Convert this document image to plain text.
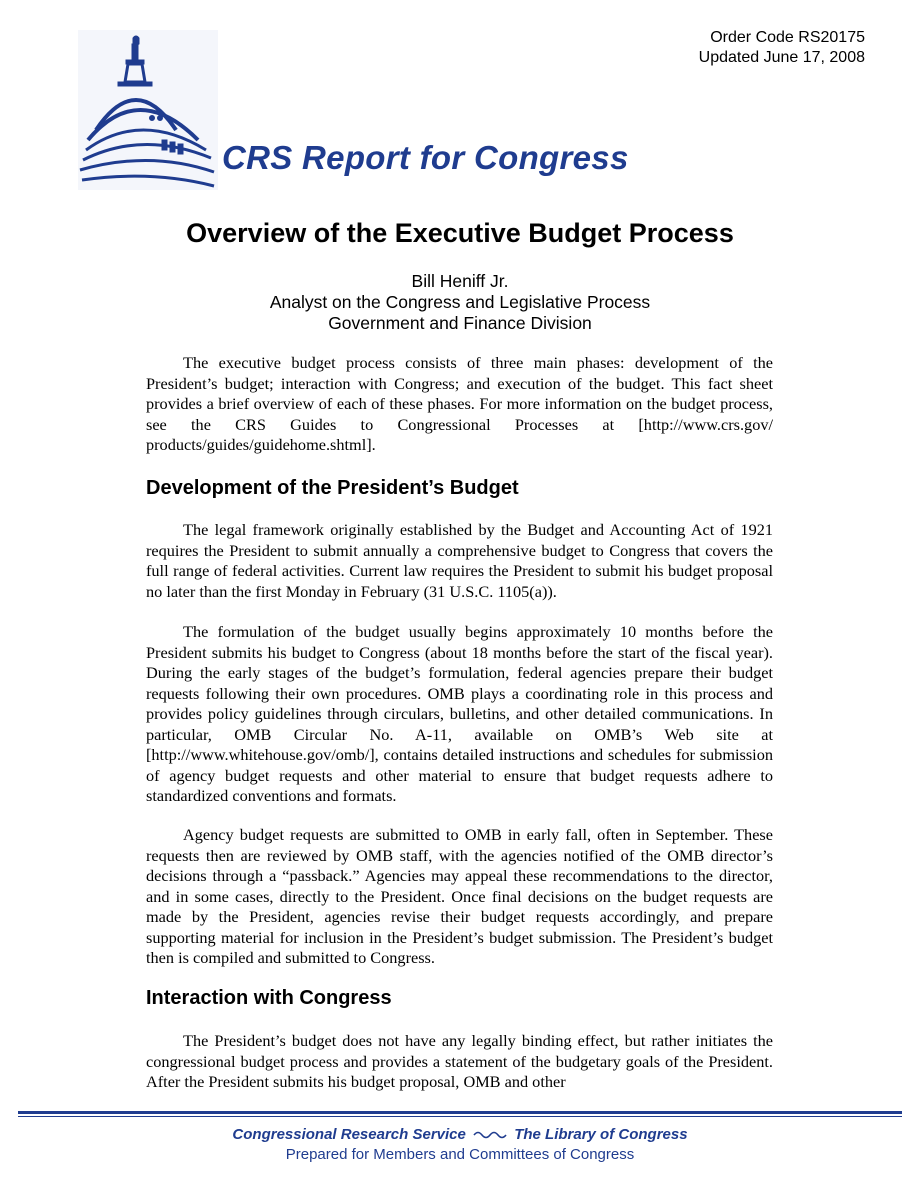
Order Code RS20175
Updated June 17, 2008
CRS Report for Congress
Overview of the Executive Budget Process
Bill Heniff Jr.
Analyst on the Congress and Legislative Process
Government and Finance Division

The executive budget process consists of three main phases: development of the President’s budget; interaction with Congress; and execution of the budget. This fact sheet provides a brief overview of each of these phases. For more information on the budget process, see the CRS Guides to Congressional Processes at [http://www.crs.gov/ products/guides/guidehome.shtml].

Development of the President’s Budget

The legal framework originally established by the Budget and Accounting Act of 1921 requires the President to submit annually a comprehensive budget to Congress that covers the full range of federal activities. Current law requires the President to submit his budget proposal no later than the first Monday in February (31 U.S.C. 1105(a)).

The formulation of the budget usually begins approximately 10 months before the President submits his budget to Congress (about 18 months before the start of the fiscal year). During the early stages of the budget’s formulation, federal agencies prepare their budget requests following their own procedures. OMB plays a coordinating role in this process and provides policy guidelines through circulars, bulletins, and other detailed communications. In particular, OMB Circular No. A-11, available on OMB’s Web site at [http://www.whitehouse.gov/omb/], contains detailed instructions and schedules for submission of agency budget requests and other material to ensure that budget requests adhere to standardized conventions and formats.

Agency budget requests are submitted to OMB in early fall, often in September. These requests then are reviewed by OMB staff, with the agencies notified of the OMB director’s decisions through a “passback.” Agencies may appeal these recommendations to the director, and in some cases, directly to the President. Once final decisions on the budget requests are made by the President, agencies revise their budget requests accordingly, and prepare supporting material for inclusion in the President’s budget submission. The President’s budget then is compiled and submitted to Congress.

Interaction with Congress

The President’s budget does not have any legally binding effect, but rather initiates the congressional budget process and provides a statement of the budgetary goals of the President. After the President submits his budget proposal, OMB and other

Congressional Research Service	The Library of Congress
Prepared for Members and Committees of Congress
